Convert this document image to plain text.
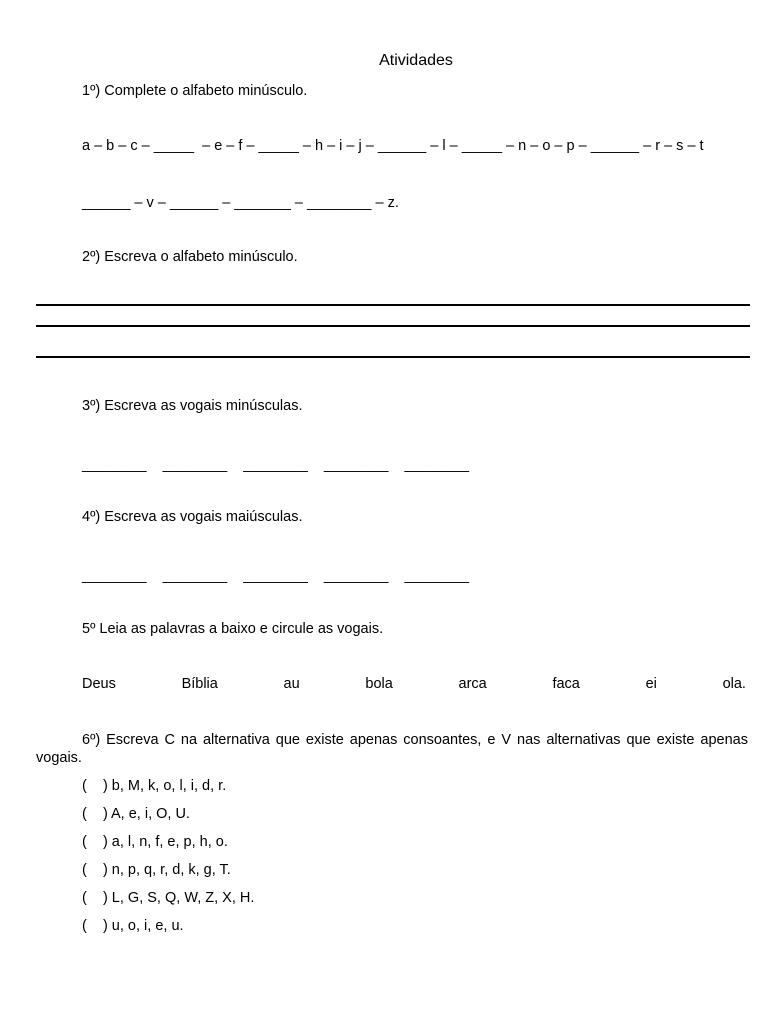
Atividades
1º) Complete o alfabeto minúsculo.
a – b – c – _____  – e – f – _____ – h – i – j – ______ – l – _____ – n – o – p – ______ – r – s – t
______ – v – ______ – _______ – ________ – z.
2º) Escreva o alfabeto minúsculo.
3º) Escreva as vogais minúsculas.
________    ________    ________    ________    ________
4º) Escreva as vogais maiúsculas.
________    ________    ________    ________    ________
5º Leia as palavras a baixo e circule as vogais.
Deus	Bíblia	au	bola	arca	faca	ei	ola.
6º) Escreva C na alternativa que existe apenas consoantes, e V nas alternativas que existe apenas vogais.
(    ) b, M, k, o, l, i, d, r.
(    ) A, e, i, O, U.
(    ) a, l, n, f, e, p, h, o.
(    ) n, p, q, r, d, k, g, T.
(    ) L, G, S, Q, W, Z, X, H.
(    ) u, o, i, e, u.
